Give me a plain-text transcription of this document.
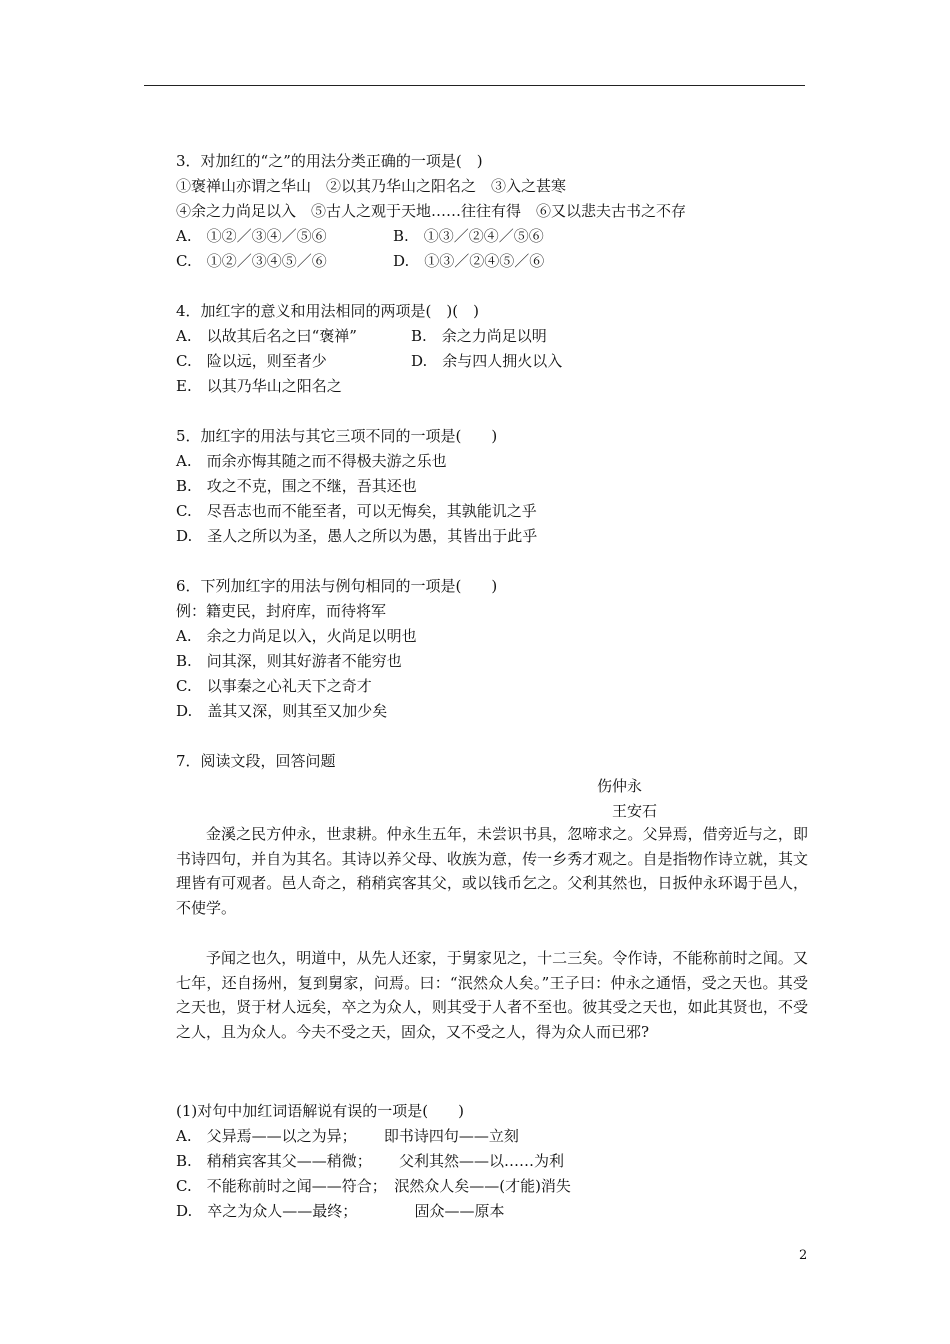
3．对加红的“之”的用法分类正确的一项是(　)
①褒禅山亦谓之华山　②以其乃华山之阳名之　③入之甚寒
④余之力尚足以入　⑤古人之观于天地……往往有得　⑥又以悲夫古书之不存
A.　①②／③④／⑤⑥	B.　①③／②④／⑤⑥
C.　①②／③④⑤／⑥	D.　①③／②④⑤／⑥
4．加红字的意义和用法相同的两项是(　)(　)
A.　以故其后名之曰“褒禅”	B.　余之力尚足以明
C.　险以远，则至者少	D.　余与四人拥火以入
E.　以其乃华山之阳名之
5．加红字的用法与其它三项不同的一项是(　　)
A.　而余亦悔其随之而不得极夫游之乐也
B.　攻之不克，围之不继，吾其还也
C.　尽吾志也而不能至者，可以无悔矣，其孰能讥之乎
D.　圣人之所以为圣，愚人之所以为愚，其皆出于此乎
6．下列加红字的用法与例句相同的一项是(　　)
例：籍吏民，封府库，而待将军
A.　余之力尚足以入，火尚足以明也
B.　问其深，则其好游者不能穷也
C.　以事秦之心礼天下之奇才
D.　盖其又深，则其至又加少矣
7．阅读文段，回答问题
伤仲永
王安石
金溪之民方仲永，世隶耕。仲永生五年，未尝识书具，忽啼求之。父异焉，借旁近与之，即书诗四句，并自为其名。其诗以养父母、收族为意，传一乡秀才观之。自是指物作诗立就，其文理皆有可观者。邑人奇之，稍稍宾客其父，或以钱币乞之。父利其然也，日扳仲永环谒于邑人，不使学。
予闻之也久，明道中，从先人还家，于舅家见之，十二三矣。令作诗，不能称前时之闻。又七年，还自扬州，复到舅家，问焉。曰：“泯然众人矣。”王子曰：仲永之通悟，受之天也。其受之天也，贤于材人远矣，卒之为众人，则其受于人者不至也。彼其受之天也，如此其贤也，不受之人，且为众人。今夫不受之天，固众，又不受之人，得为众人而已邪?
(1)对句中加红词语解说有误的一项是(　　)
A.　父异焉——以之为异；　　 即书诗四句——立刻
B.　稍稍宾客其父——稍微；　　 父利其然——以……为利
C.　不能称前时之闻——符合；　泯然众人矣——(才能)消失
D.　卒之为众人——最终；　　　　 固众——原本
2
